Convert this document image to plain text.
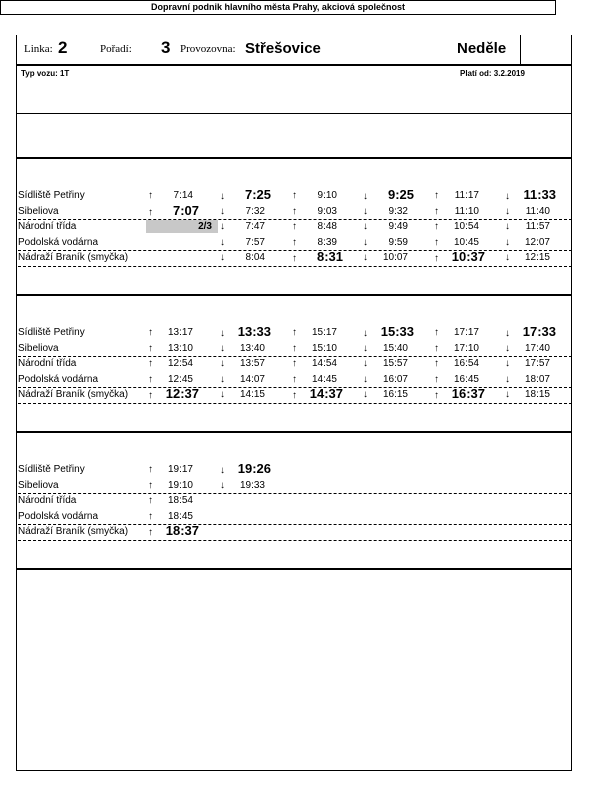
Dopravní podnik hlavního města Prahy, akciová společnost
Linka: 2	Pořadí: 3 Provozovna: Střešovice	Neděle
Typ vozu: 1T	Platí od: 3.2.2019
Sídliště Petřiny	↑	7:14	↓	7:25 ↑	9:10	↓	9:25 ↑	11:17	↓	11:33
Sibeliova	↑	7:07 ↓	7:32	↑	9:03	↓	9:32	↑	11:10	↓	11:40
Národní třída	2/3 ↓	7:47	↑	8:48	↓	9:49	↑	10:54	↓	11:57
Podolská vodárna	↓	7:57	↑	8:39	↓	9:59	↑	10:45	↓	12:07
Nádraží Braník (smyčka)	↓	8:04	↑	8:31 ↓	10:07	↑ 10:37 ↓	12:15
Sídliště Petřiny	↑	13:17	↓ 13:33 ↑	15:17	↓ 15:33 ↑	17:17	↓ 17:33
Sibeliova	↑	13:10	↓	13:40	↑	15:10	↓	15:40	↑	17:10	↓	17:40
Národní třída	↑	12:54	↓	13:57	↑	14:54	↓	15:57	↑	16:54	↓	17:57
Podolská vodárna	↑	12:45	↓	14:07	↑	14:45	↓	16:07	↑	16:45	↓	18:07
Nádraží Braník (smyčka) ↑ 12:37 ↓	14:15	↑ 14:37 ↓	16:15	↑ 16:37 ↓	18:15
Sídliště Petřiny	↑	19:17	↓ 19:26
Sibeliova	↑	19:10	↓	19:33
Národní třída	↑	18:54
Podolská vodárna	↑	18:45
Nádraží Braník (smyčka) ↑ 18:37
